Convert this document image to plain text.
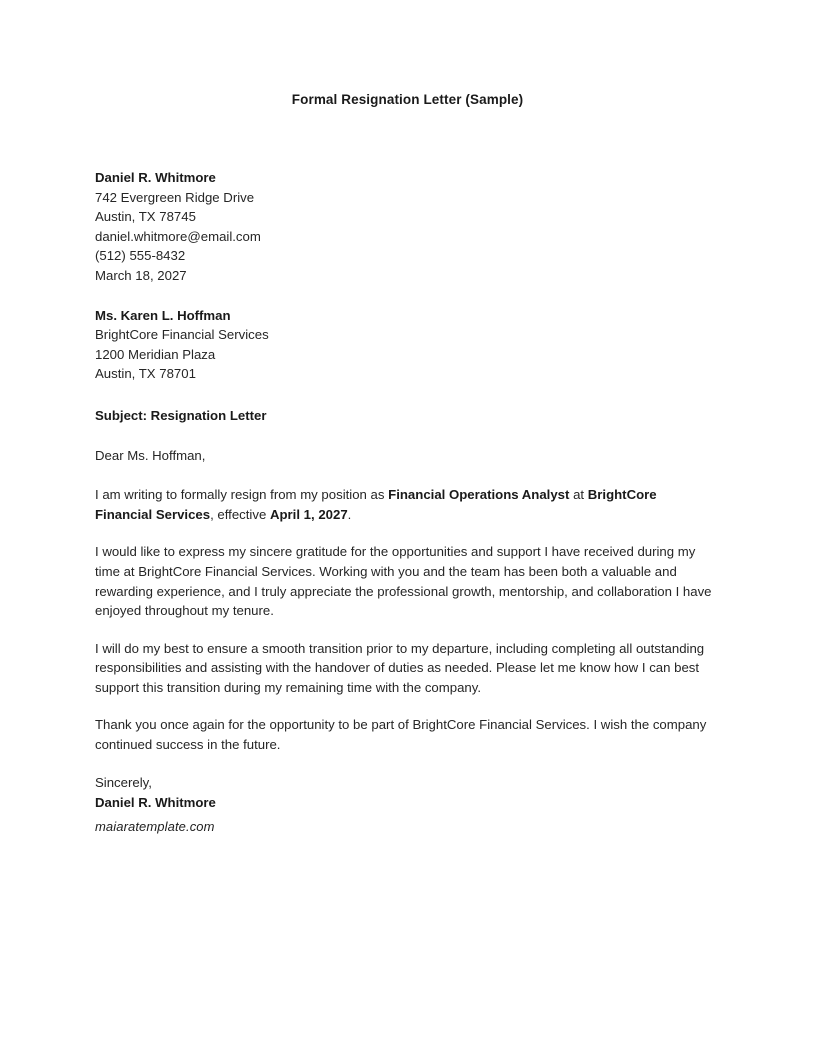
Formal Resignation Letter (Sample)
Daniel R. Whitmore
742 Evergreen Ridge Drive
Austin, TX 78745
daniel.whitmore@email.com
(512) 555-8432
March 18, 2027
Ms. Karen L. Hoffman
BrightCore Financial Services
1200 Meridian Plaza
Austin, TX 78701
Subject: Resignation Letter
Dear Ms. Hoffman,

I am writing to formally resign from my position as Financial Operations Analyst at BrightCore Financial Services, effective April 1, 2027.

I would like to express my sincere gratitude for the opportunities and support I have received during my time at BrightCore Financial Services. Working with you and the team has been both a valuable and rewarding experience, and I truly appreciate the professional growth, mentorship, and collaboration I have enjoyed throughout my tenure.

I will do my best to ensure a smooth transition prior to my departure, including completing all outstanding responsibilities and assisting with the handover of duties as needed. Please let me know how I can best support this transition during my remaining time with the company.

Thank you once again for the opportunity to be part of BrightCore Financial Services. I wish the company continued success in the future.

Sincerely,
Daniel R. Whitmore
maiaratemplate.com
